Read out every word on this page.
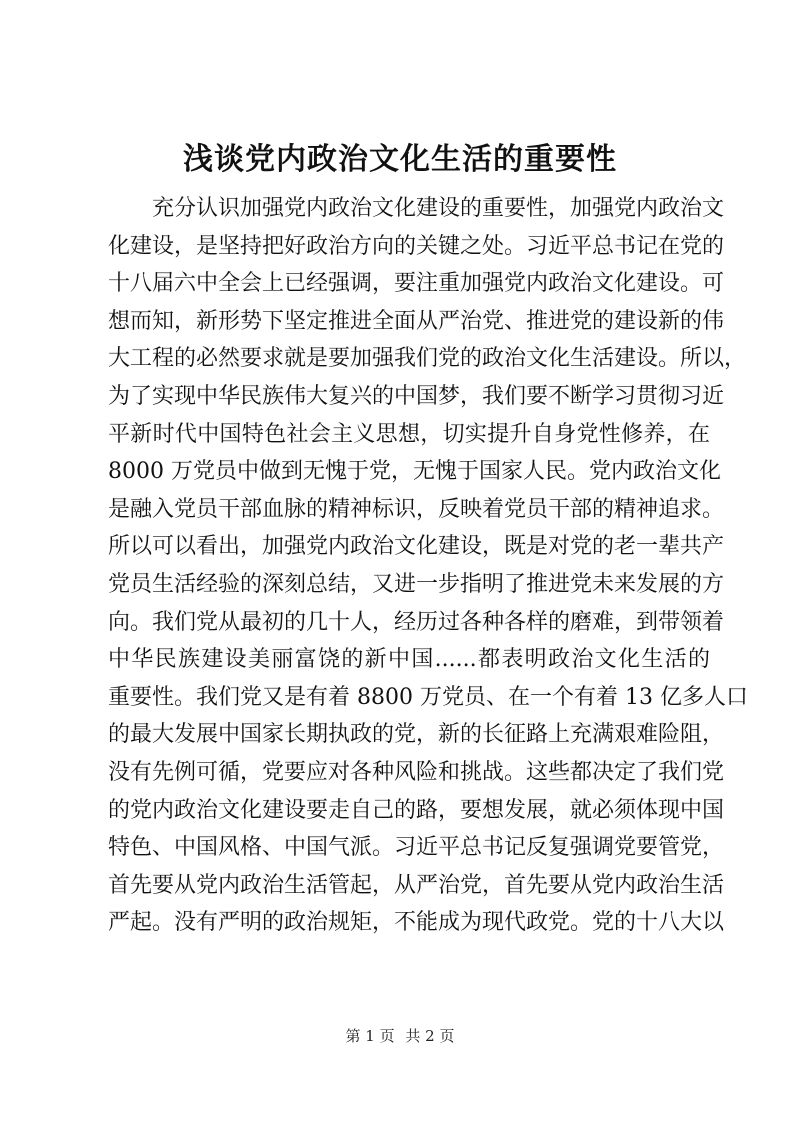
浅谈党内政治文化生活的重要性
充分认识加强党内政治文化建设的重要性，加强党内政治文
化建设，是坚持把好政治方向的关键之处。习近平总书记在党的
十八届六中全会上已经强调，要注重加强党内政治文化建设。可
想而知，新形势下坚定推进全面从严治党、推进党的建设新的伟
大工程的必然要求就是要加强我们党的政治文化生活建设。所以，
为了实现中华民族伟大复兴的中国梦，我们要不断学习贯彻习近
平新时代中国特色社会主义思想，切实提升自身党性修养，在
8000 万党员中做到无愧于党，无愧于国家人民。党内政治文化
是融入党员干部血脉的精神标识，反映着党员干部的精神追求。
所以可以看出，加强党内政治文化建设，既是对党的老一辈共产
党员生活经验的深刻总结，又进一步指明了推进党未来发展的方
向。我们党从最初的几十人，经历过各种各样的磨难，到带领着
中华民族建设美丽富饶的新中国......都表明政治文化生活的
重要性。我们党又是有着 8800 万党员、在一个有着 13 亿多人口
的最大发展中国家长期执政的党，新的长征路上充满艰难险阻，
没有先例可循，党要应对各种风险和挑战。这些都决定了我们党
的党内政治文化建设要走自己的路，要想发展，就必须体现中国
特色、中国风格、中国气派。习近平总书记反复强调党要管党，
首先要从党内政治生活管起，从严治党，首先要从党内政治生活
严起。没有严明的政治规矩，不能成为现代政党。党的十八大以
第 1 页 共 2 页
